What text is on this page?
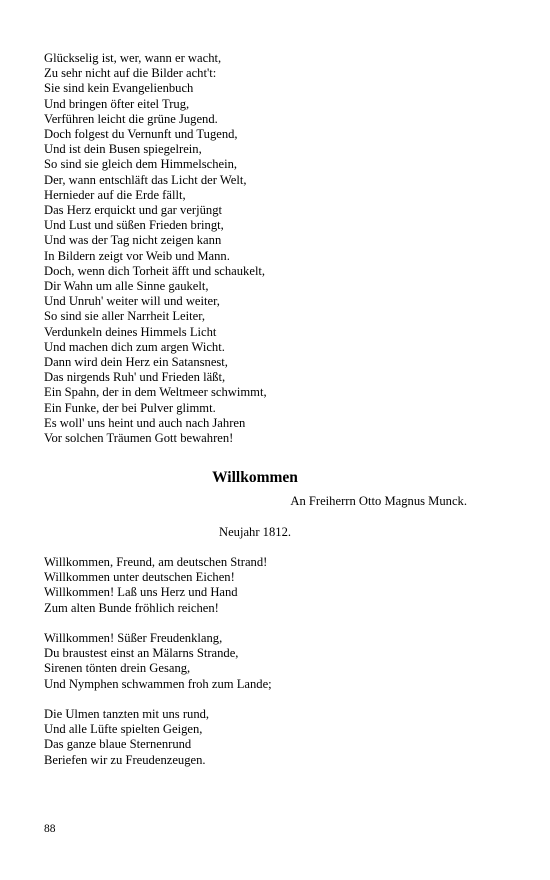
Glückselig ist, wer, wann er wacht,
Zu sehr nicht auf die Bilder acht't:
Sie sind kein Evangelienbuch
Und bringen öfter eitel Trug,
Verführen leicht die grüne Jugend.
Doch folgest du Vernunft und Tugend,
Und ist dein Busen spiegelrein,
So sind sie gleich dem Himmelschein,
Der, wann entschläft das Licht der Welt,
Hernieder auf die Erde fällt,
Das Herz erquickt und gar verjüngt
Und Lust und süßen Frieden bringt,
Und was der Tag nicht zeigen kann
In Bildern zeigt vor Weib und Mann.
Doch, wenn dich Torheit äfft und schaukelt,
Dir Wahn um alle Sinne gaukelt,
Und Unruh' weiter will und weiter,
So sind sie aller Narrheit Leiter,
Verdunkeln deines Himmels Licht
Und machen dich zum argen Wicht.
Dann wird dein Herz ein Satansnest,
Das nirgends Ruh' und Frieden läßt,
Ein Spahn, der in dem Weltmeer schwimmt,
Ein Funke, der bei Pulver glimmt.
Es woll' uns heint und auch nach Jahren
Vor solchen Träumen Gott bewahren!
Willkommen

An Freiherrn Otto Magnus Munck.

Neujahr 1812.

Willkommen, Freund, am deutschen Strand!
Willkommen unter deutschen Eichen!
Willkommen! Laß uns Herz und Hand
Zum alten Bunde fröhlich reichen!
Willkommen! Süßer Freudenklang,
Du braustest einst an Mälarns Strande,
Sirenen tönten drein Gesang,
Und Nymphen schwammen froh zum Lande;
Die Ulmen tanzten mit uns rund,
Und alle Lüfte spielten Geigen,
Das ganze blaue Sternenrund
Beriefen wir zu Freudenzeugen.

88
